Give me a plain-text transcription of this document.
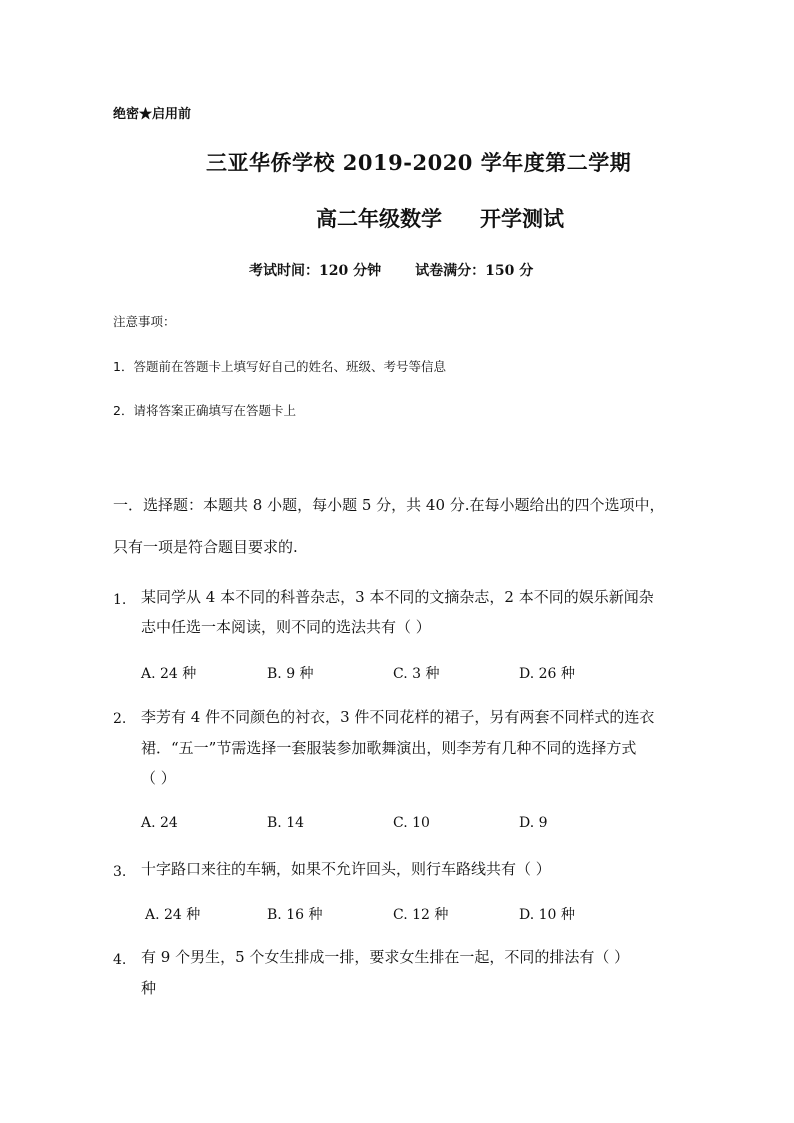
绝密★启用前
三亚华侨学校 2019-2020 学年度第二学期
高二年级数学 开学测试
考试时间：120 分钟 试卷满分：150 分
注意事项：
1．答题前在答题卡上填写好自己的姓名、班级、考号等信息
2．请将答案正确填写在答题卡上
一．选择题：本题共 8 小题，每小题 5 分，共 40 分.在每小题给出的四个选项中，
只有一项是符合题目要求的.
1. 某同学从 4 本不同的科普杂志，3 本不同的文摘杂志，2 本不同的娱乐新闻杂
志中任选一本阅读，则不同的选法共有（ ）
A. 24 种	B. 9 种	C. 3 种	D. 26 种
2. 李芳有 4 件不同颜色的衬衣，3 件不同花样的裙子，另有两套不同样式的连衣
裙．“五一”节需选择一套服装参加歌舞演出，则李芳有几种不同的选择方式
（ ）
A. 24	B. 14	C. 10	D. 9
3. 十字路口来往的车辆，如果不允许回头，则行车路线共有（ ）
A. 24 种	B. 16 种	C. 12 种	D. 10 种
4. 有 9 个男生，5 个女生排成一排，要求女生排在一起，不同的排法有（ ）
种
